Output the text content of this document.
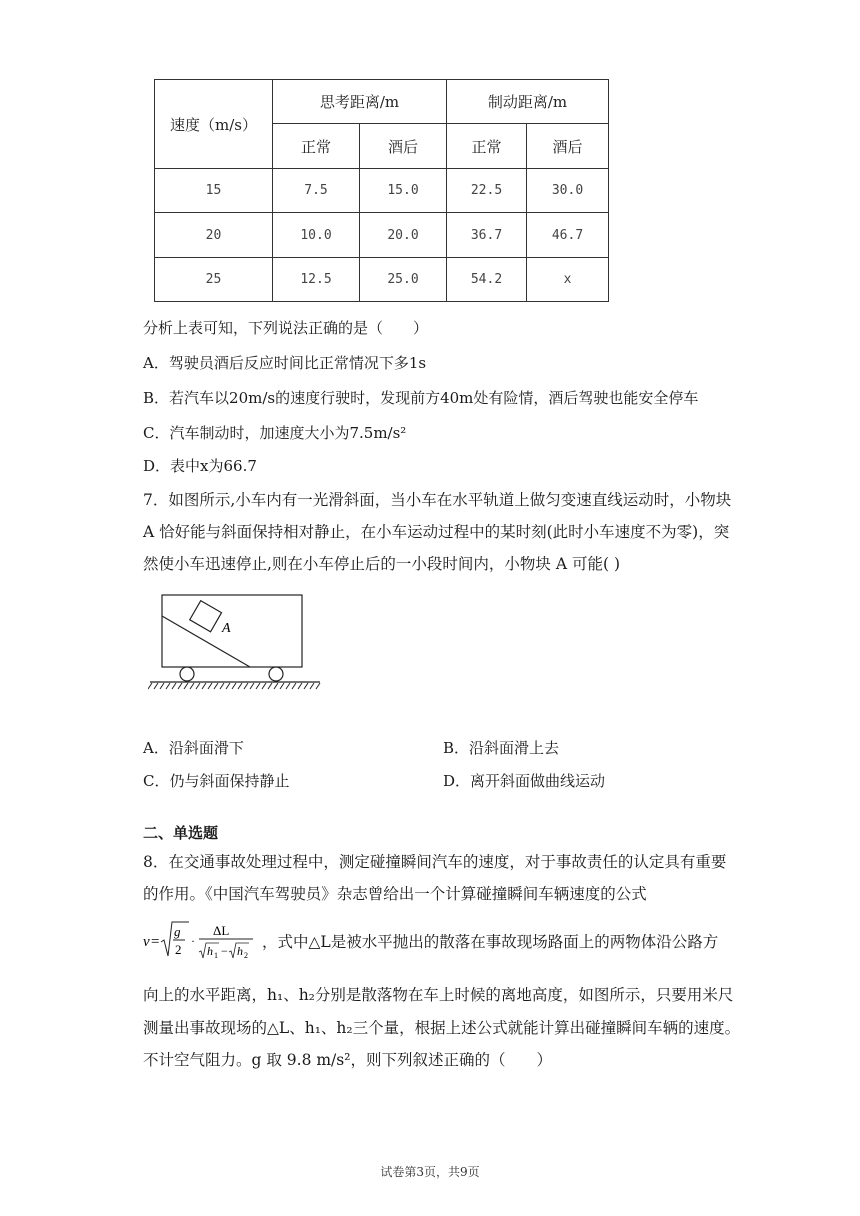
速度（m/s）	思考距离/m		制动距离/m	
	正常	酒后	正常	酒后
15	7.5	15.0	22.5	30.0
20	10.0	20.0	36.7	46.7
25	12.5	25.0	54.2	x
分析上表可知，下列说法正确的是（　　）
A．驾驶员酒后反应时间比正常情况下多1s
B．若汽车以20m/s的速度行驶时，发现前方40m处有险情，酒后驾驶也能安全停车
C．汽车制动时，加速度大小为7.5m/s²
D．表中x为66.7
7．如图所示,小车内有一光滑斜面，当小车在水平轨道上做匀变速直线运动时，小物块
A 恰好能与斜面保持相对静止，在小车运动过程中的某时刻(此时小车速度不为零)，突
然使小车迅速停止,则在小车停止后的一小段时间内，小物块 A 可能( )
A
A．沿斜面滑下	B．沿斜面滑上去
C．仍与斜面保持静止	D．离开斜面做曲线运动
二、单选题
8．在交通事故处理过程中，测定碰撞瞬间汽车的速度，对于事故责任的认定具有重要
的作用。《中国汽车驾驶员》杂志曾给出一个计算碰撞瞬间车辆速度的公式
v =
g
2
·
ΔL
h 1 − h 2
，式中△L是被水平抛出的散落在事故现场路面上的两物体沿公路方
向上的水平距离，h₁、h₂分别是散落物在车上时候的离地高度，如图所示，只要用米尺
测量出事故现场的△L、h₁、h₂三个量，根据上述公式就能计算出碰撞瞬间车辆的速度。
不计空气阻力。g 取 9.8 m/s²，则下列叙述正确的（　　）
试卷第3页，共9页
